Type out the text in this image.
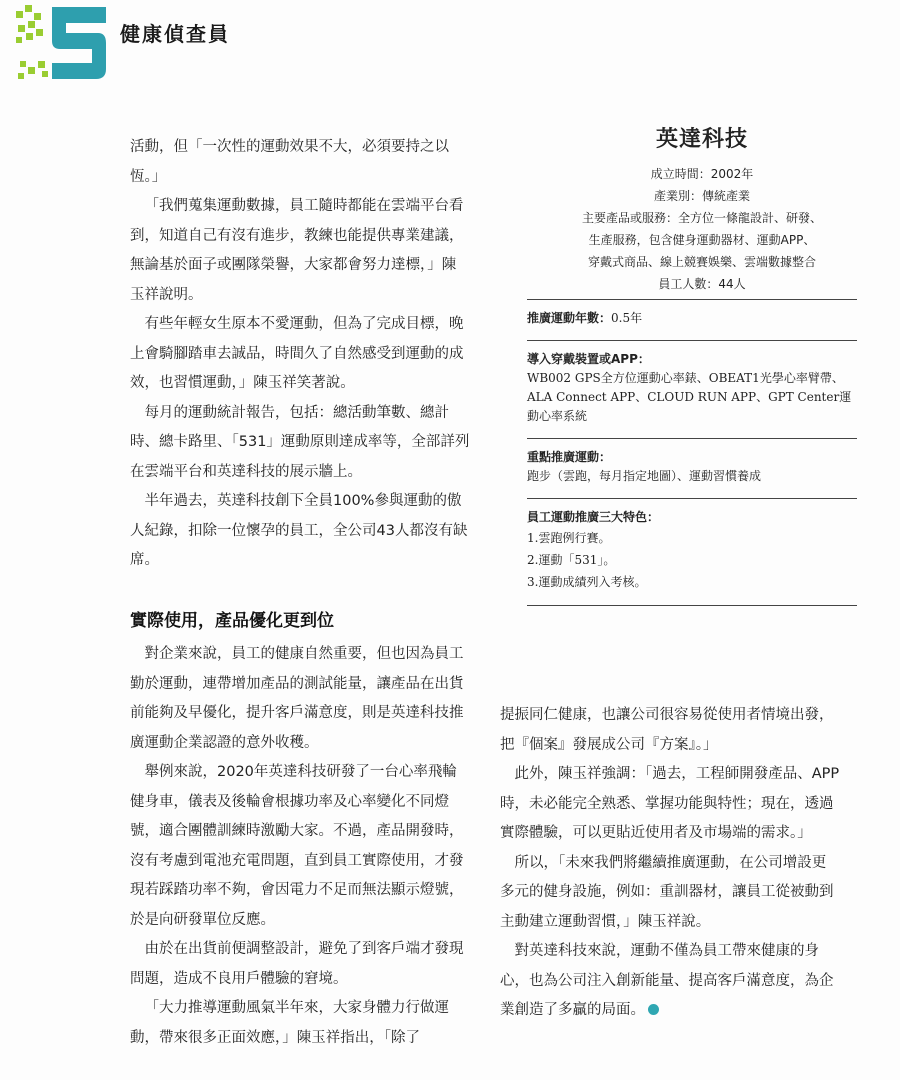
健康偵查員

活動，但「一次性的運動效果不大，必須要持之以恆。」

「我們蒐集運動數據，員工隨時都能在雲端平台看到，知道自己有沒有進步，教練也能提供專業建議，無論基於面子或團隊榮譽，大家都會努力達標，」陳玉祥說明。

有些年輕女生原本不愛運動，但為了完成目標，晚上會騎腳踏車去誠品，時間久了自然感受到運動的成效，也習慣運動，」陳玉祥笑著說。

每月的運動統計報告，包括：總活動筆數、總計時、總卡路里、「531」運動原則達成率等，全部詳列在雲端平台和英達科技的展示牆上。

半年過去，英達科技創下全員100%參與運動的傲人紀錄，扣除一位懷孕的員工，全公司43人都沒有缺席。

實際使用，產品優化更到位

對企業來說，員工的健康自然重要，但也因為員工勤於運動，連帶增加產品的測試能量，讓產品在出貨前能夠及早優化，提升客戶滿意度，則是英達科技推廣運動企業認證的意外收穫。

舉例來說，2020年英達科技研發了一台心率飛輪健身車，儀表及後輪會根據功率及心率變化不同燈號，適合團體訓練時激勵大家。不過，產品開發時，沒有考慮到電池充電問題，直到員工實際使用，才發現若踩踏功率不夠，會因電力不足而無法顯示燈號，於是向研發單位反應。

由於在出貨前便調整設計，避免了到客戶端才發現問題，造成不良用戶體驗的窘境。

「大力推導運動風氣半年來，大家身體力行做運動，帶來很多正面效應，」陳玉祥指出，「除了

提振同仁健康，也讓公司很容易從使用者情境出發，把『個案』發展成公司『方案』。」

此外，陳玉祥強調：「過去，工程師開發產品、APP時，未必能完全熟悉、掌握功能與特性；現在，透過實際體驗，可以更貼近使用者及市場端的需求。」

所以，「未來我們將繼續推廣運動，在公司增設更多元的健身設施，例如：重訓器材，讓員工從被動到主動建立運動習慣，」陳玉祥說。

對英達科技來說，運動不僅為員工帶來健康的身心，也為公司注入創新能量、提高客戶滿意度，為企業創造了多贏的局面。

英達科技
成立時間：2002年
產業別：傳統產業
主要產品或服務：全方位一條龍設計、研發、
生產服務，包含健身運動器材、運動APP、
穿戴式商品、線上競賽娛樂、雲端數據整合
員工人數：44人
推廣運動年數：0.5年
導入穿戴裝置或APP：
WB002 GPS全方位運動心率錶、OBEAT1光學心率臂帶、ALA Connect APP、CLOUD RUN APP、GPT Center運動心率系統
重點推廣運動：
跑步（雲跑，每月指定地圖）、運動習慣養成
員工運動推廣三大特色：
1.雲跑例行賽。
2.運動「531」。
3.運動成績列入考核。
